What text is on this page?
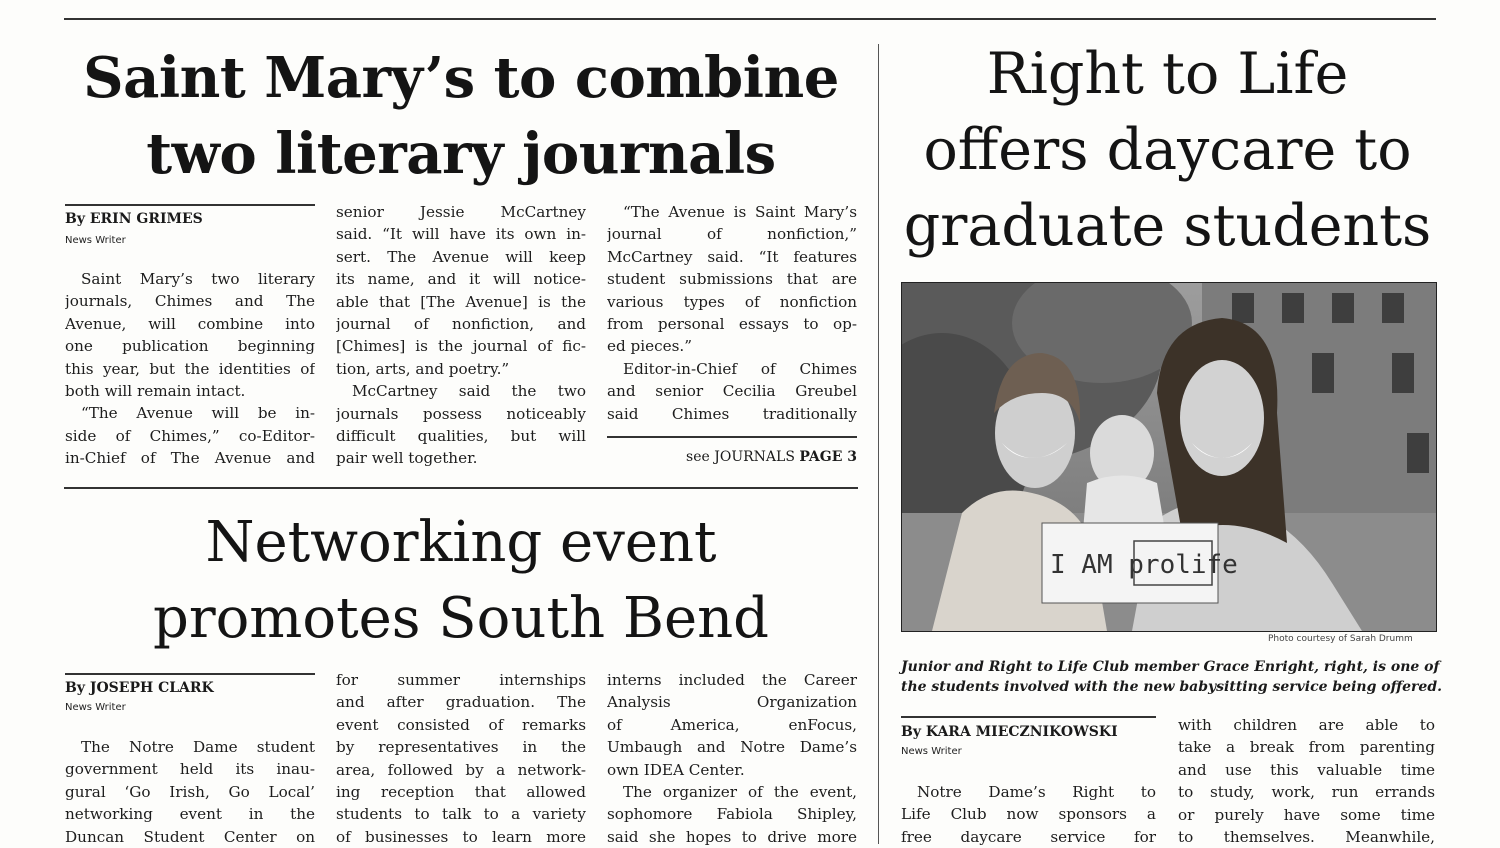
Saint Mary’s to combine
two literary journals
By ERIN GRIMES
News Writer
Saint Mary’s two literary
journals, Chimes and The
Avenue, will combine into
one publication beginning
this year, but the identities of
both will remain intact.
“The Avenue will be in-
side of Chimes,” co-Editor-
in-Chief of The Avenue and
senior Jessie McCartney
said. “It will have its own in-
sert. The Avenue will keep
its name, and it will notice-
able that [The Avenue] is the
journal of nonfiction, and
[Chimes] is the journal of fic-
tion, arts, and poetry.”
McCartney said the two
journals possess noticeably
difficult qualities, but will
pair well together.
“The Avenue is Saint Mary’s
journal of nonfiction,”
McCartney said. “It features
student submissions that are
various types of nonfiction
from personal essays to op-
ed pieces.”
Editor-in-Chief of Chimes
and senior Cecilia Greubel
said Chimes traditionally
see JOURNALS PAGE 3
Networking event
promotes South Bend
By JOSEPH CLARK
News Writer
The Notre Dame student
government held its inau-
gural ‘Go Irish, Go Local’
networking event in the
Duncan Student Center on
for summer internships
and after graduation. The
event consisted of remarks
by representatives in the
area, followed by a network-
ing reception that allowed
students to talk to a variety
of businesses to learn more
interns included the Career
Analysis Organization
of America, enFocus,
Umbaugh and Notre Dame’s
own IDEA Center.
The organizer of the event,
sophomore Fabiola Shipley,
said she hopes to drive more
Right to Life
offers daycare to
graduate students
I AM prolife
Photo courtesy of Sarah Drumm
Junior and Right to Life Club member Grace Enright, right, is one of
the students involved with the new babysitting service being offered.
By KARA MIECZNIKOWSKI
News Writer
Notre Dame’s Right to
Life Club now sponsors a
free daycare service for
with children are able to
take a break from parenting
and use this valuable time
to study, work, run errands
or purely have some time
to themselves. Meanwhile,
